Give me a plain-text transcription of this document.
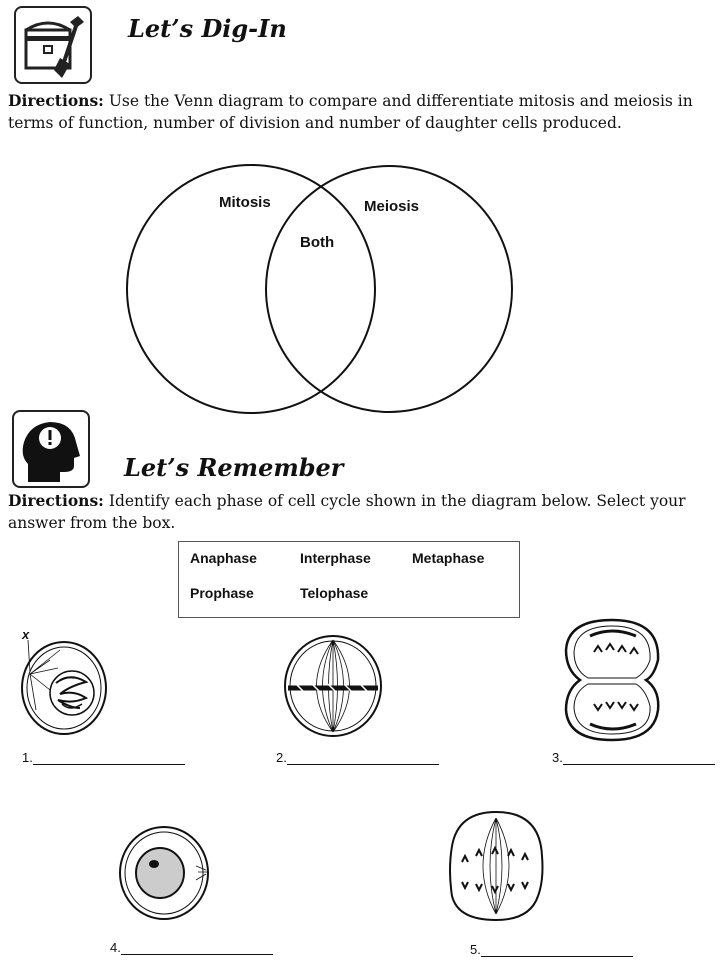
Let’s Dig-In
Directions: Use the Venn diagram to compare and differentiate mitosis and meiosis in terms of function, number of division and number of daughter cells produced.
Mitosis	Meiosis
Both
Let’s Remember
Directions: Identify each phase of cell cycle shown in the diagram below. Select your answer from the box.
Anaphase	Interphase	Metaphase
Prophase	Telophase
x
1.	2.	3.
4.	5.
